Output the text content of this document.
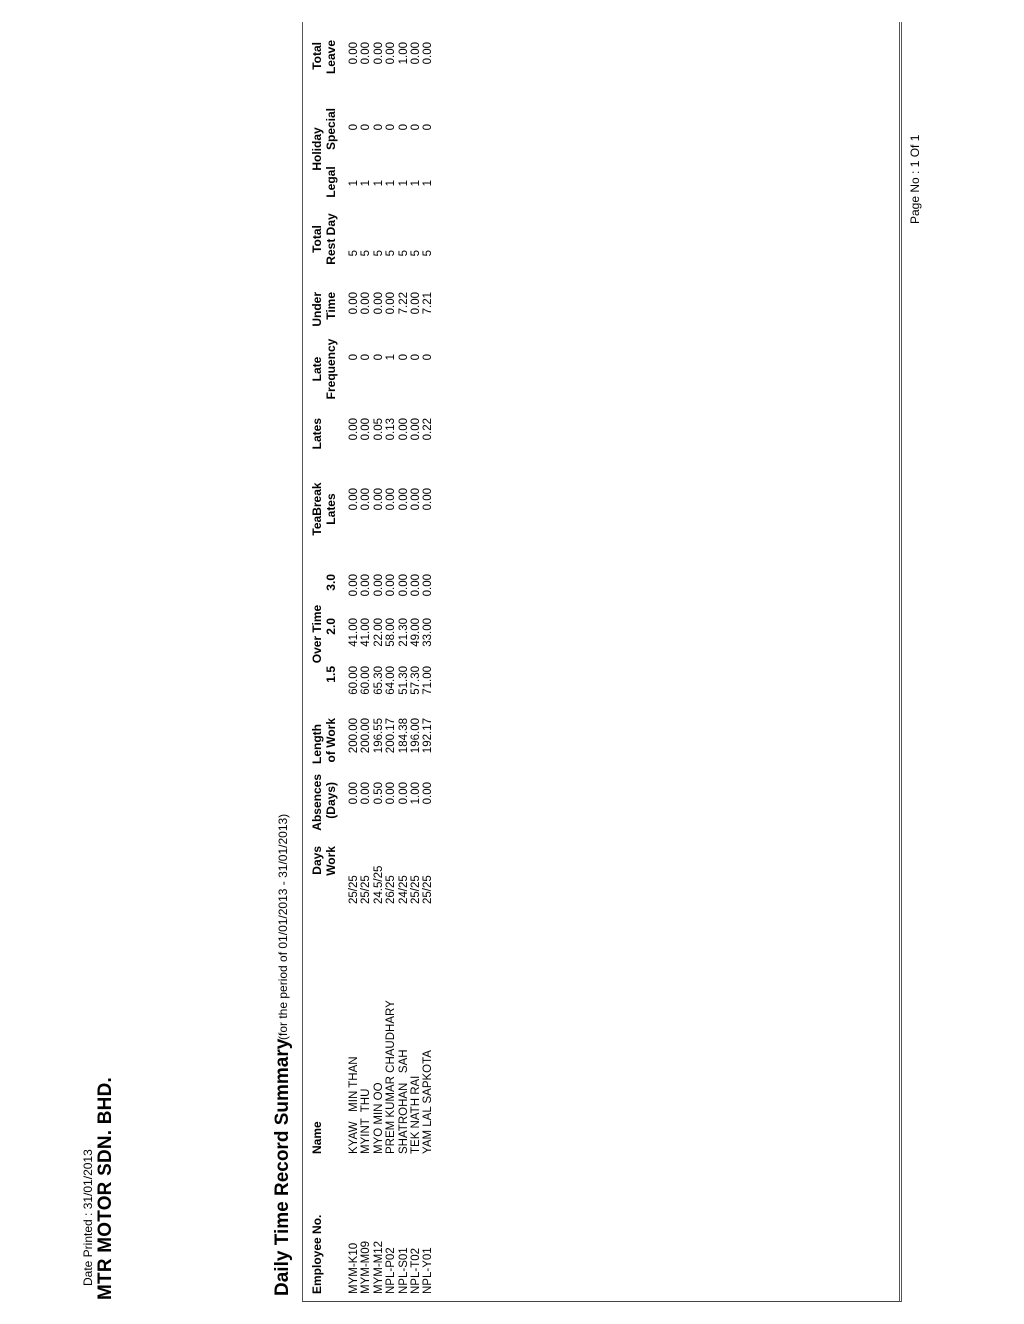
Date Printed : 31/01/2013 MTR MOTOR SDN. BHD.	Daily Time Record Summary
(for the period of 01/01/2013 - 31/01/2013)
Employee No.
Name
Days Work
Absences (Days)
Length of Work
Over Time
1.5
2.0
3.0
TeaBreak Lates
Lates
Late Frequency
Under Time
Total Rest Day
Holiday
Legal
Special
Total Leave
MYM-K10
KYAW   MIN THAN
25/25
0.00
200.00
60.00
41.00
0.00
0.00
0.00
0
0.00
5
1
0
0.00
MYM-M09
MYINT  THU
25/25
0.00
200.00
60.00
41.00
0.00
0.00
0.00
0
0.00
5
1
0
0.00
MYM-M12
MYO MIN OO
24.5/25
0.50
196.55
65.30
22.00
0.00
0.00
0.05
0
0.00
5
1
0
0.00
NPL-P02
PREM KUMAR CHAUDHARY
26/25
0.00
200.17
64.00
58.00
0.00
0.00
0.13
1
0.00
5
1
0
0.00
NPL-S01
SHATROHAN   SAH
24/25
0.00
184.38
51.30
21.30
0.00
0.00
0.00
0
7.22
5
1
0
1.00
NPL-T02
TEK NATH RAI
25/25
1.00
196.00
57.30
49.00
0.00
0.00
0.00
0
0.00
5
1
0
0.00
NPL-Y01
YAM LAL SAPKOTA
25/25
0.00
192.17
71.00
33.00
0.00
0.00
0.22
0
7.21
5
1
0
0.00
Page No : 1 Of 1
